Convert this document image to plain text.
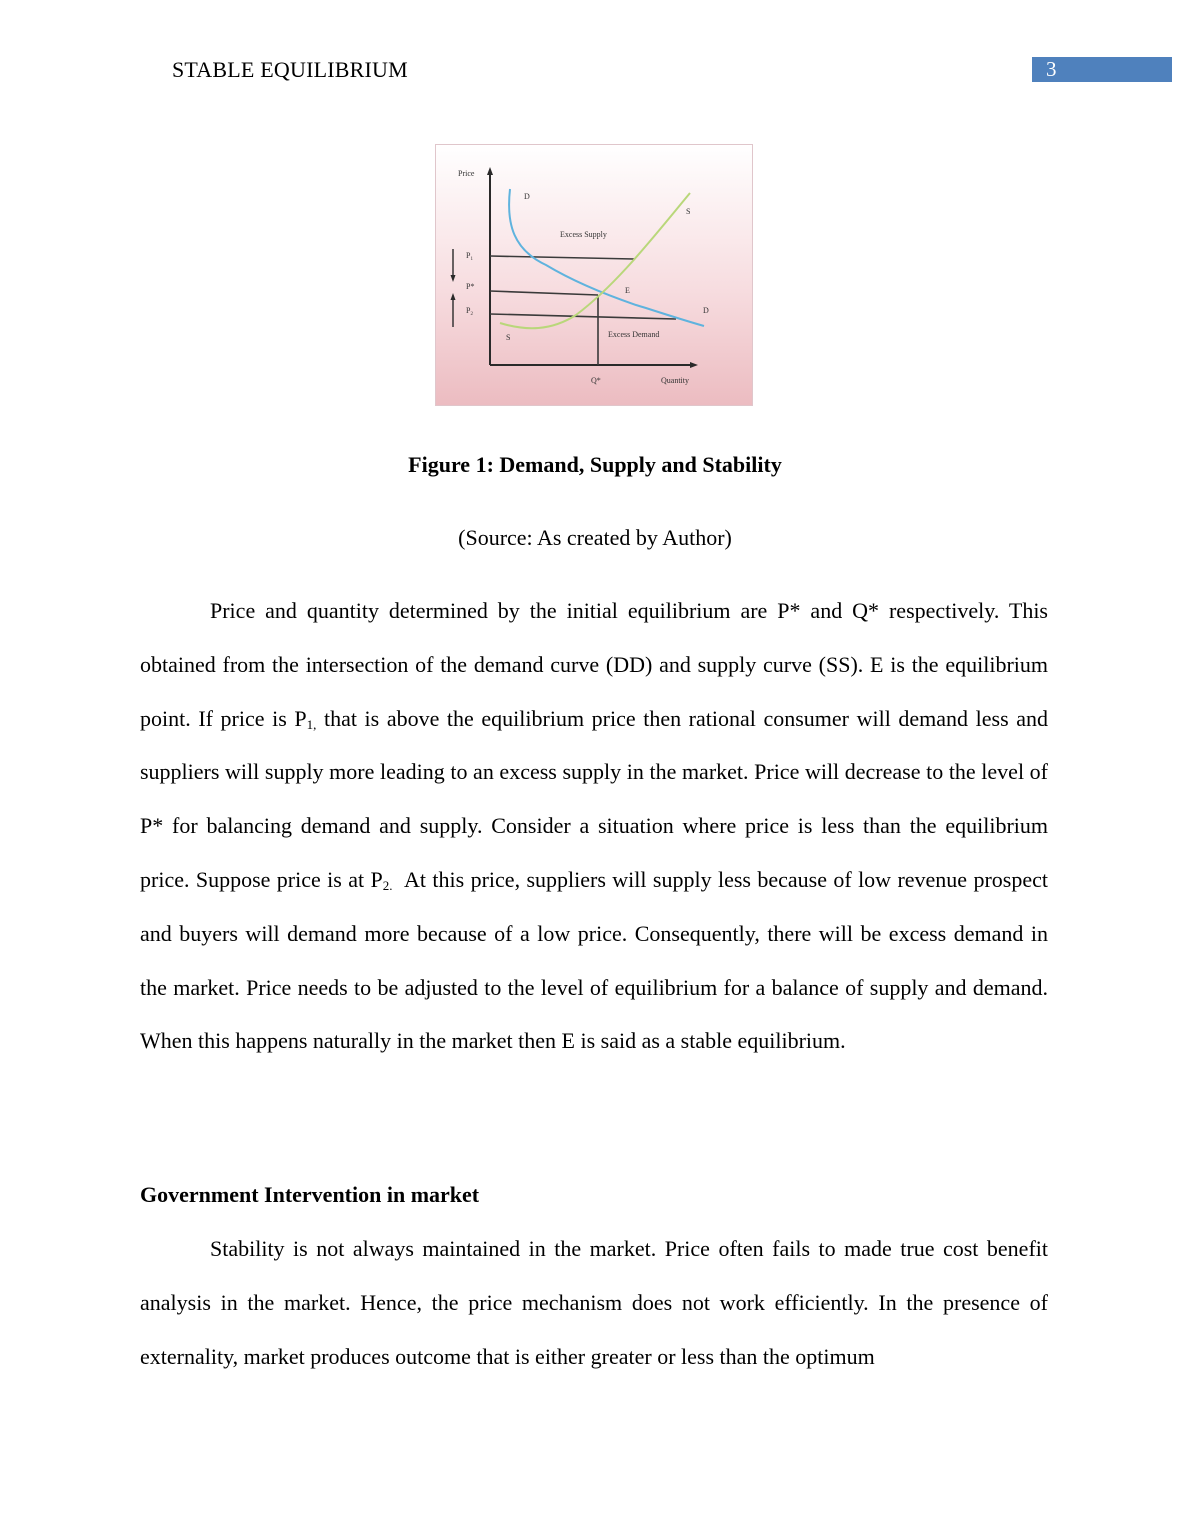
STABLE EQUILIBRIUM	3
Price
D
S
Excess Supply
$P_1$
P*	E
$P_2$	D
Excess Demand
S
Q*	Quantity
Figure 1: Demand, Supply and Stability
(Source: As created by Author)

Price and quantity determined by the initial equilibrium are P* and Q* respectively. This obtained from the intersection of the demand curve (DD) and supply curve (SS). E is the equilibrium point. If price is $P_{1,}$ that is above the equilibrium price then rational consumer will demand less and suppliers will supply more leading to an excess supply in the market. Price will decrease to the level of P* for balancing demand and supply. Consider a situation where price is less than the equilibrium price. Suppose price is at $P_{2.}$  At this price, suppliers will supply less because of low revenue prospect and buyers will demand more because of a low price. Consequently, there will be excess demand in the market. Price needs to be adjusted to the level of equilibrium for a balance of supply and demand. When this happens naturally in the market then E is said as a stable equilibrium.

Government Intervention in market

Stability is not always maintained in the market. Price often fails to made true cost benefit analysis in the market. Hence, the price mechanism does not work efficiently. In the presence of externality, market produces outcome that is either greater or less than the optimum
